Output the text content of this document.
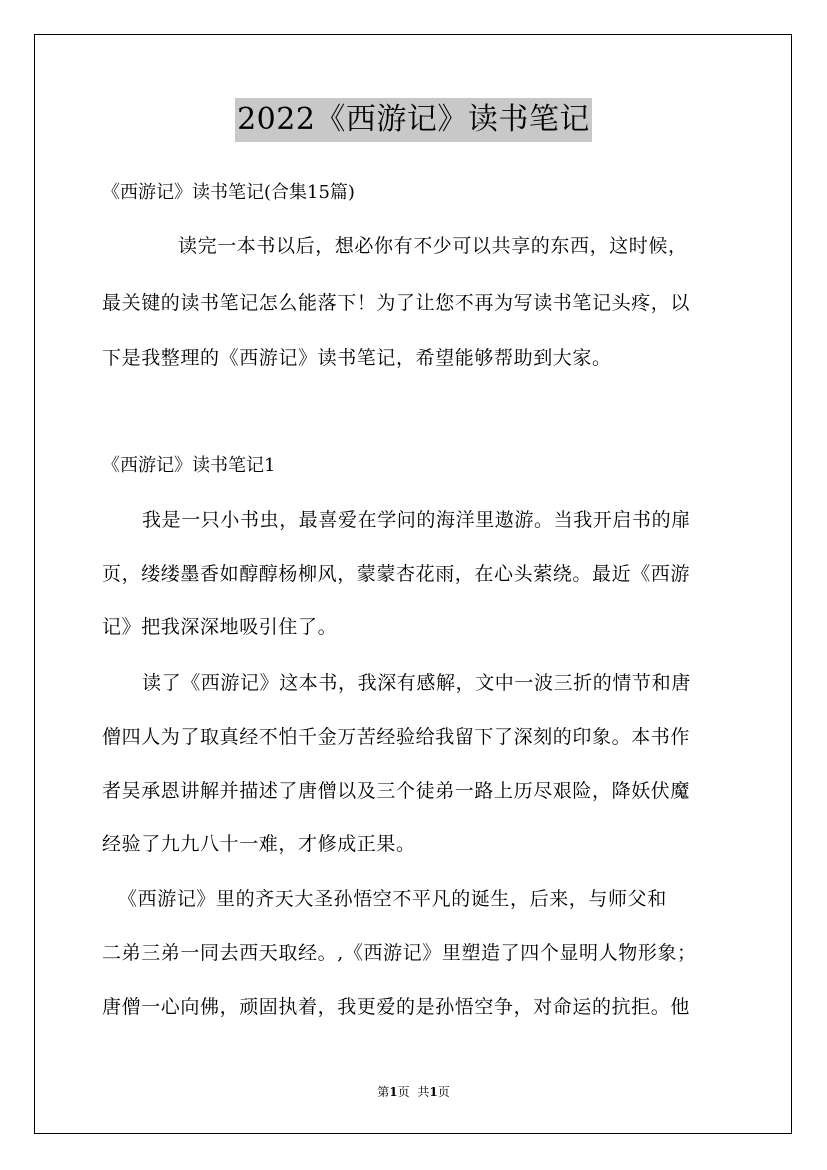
2022《西游记》读书笔记
《西游记》读书笔记(合集15篇)
读完一本书以后，想必你有不少可以共享的东西，这时候，
最关键的读书笔记怎么能落下！为了让您不再为写读书笔记头疼，以
下是我整理的《西游记》读书笔记，希望能够帮助到大家。
《西游记》读书笔记1
我是一只小书虫，最喜爱在学问的海洋里遨游。当我开启书的扉
页，缕缕墨香如醇醇杨柳风，蒙蒙杏花雨，在心头萦绕。最近《西游
记》把我深深地吸引住了。
读了《西游记》这本书，我深有感解，文中一波三折的情节和唐
僧四人为了取真经不怕千金万苦经验给我留下了深刻的印象。本书作
者吴承恩讲解并描述了唐僧以及三个徒弟一路上历尽艰险，降妖伏魔
经验了九九八十一难，才修成正果。
《西游记》里的齐天大圣孙悟空不平凡的诞生，后来，与师父和
二弟三弟一同去西天取经。,《西游记》里塑造了四个显明人物形象；
唐僧一心向佛，顽固执着，我更爱的是孙悟空争，对命运的抗拒。他
第1页 共1页
